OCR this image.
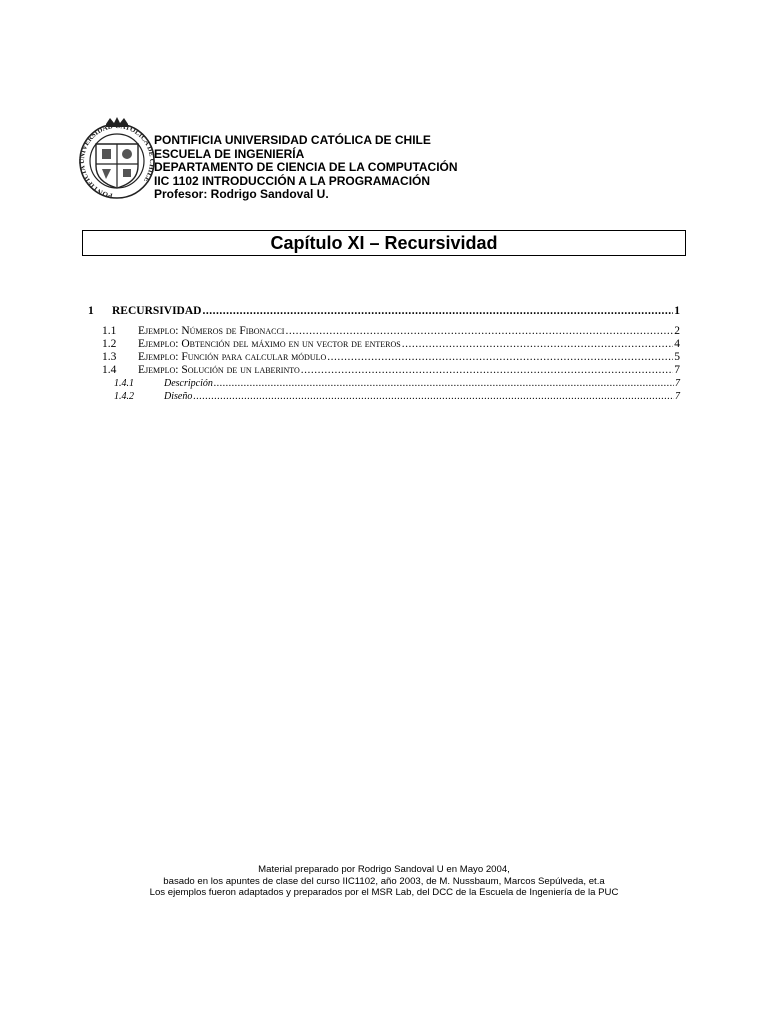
PONTIFICIA UNIVERSIDAD CATOLICA DE CHILE
PONTIFICIA UNIVERSIDAD CATÓLICA DE CHILE
ESCUELA DE INGENIERÍA
DEPARTAMENTO DE CIENCIA DE LA COMPUTACIÓN
IIC 1102 INTRODUCCIÓN A LA PROGRAMACIÓN
Profesor: Rodrigo Sandoval U.
Capítulo XI – Recursividad
1	RECURSIVIDAD .....	1
1.1	Ejemplo: Números de Fibonacci .....	2
1.2	Ejemplo: Obtención del máximo en un vector de enteros .....	4
1.3	Ejemplo: Función para calcular módulo .....	5
1.4	Ejemplo: Solución de un laberinto .....	7
1.4.1	Descripción .....	7
1.4.2	Diseño .....	7
Material preparado por Rodrigo Sandoval U en Mayo 2004,
basado en los apuntes de clase del curso IIC1102, año 2003, de M. Nussbaum, Marcos Sepúlveda, et.a
Los ejemplos fueron adaptados y preparados por el MSR Lab, del DCC de la Escuela de Ingeniería de la PUC
